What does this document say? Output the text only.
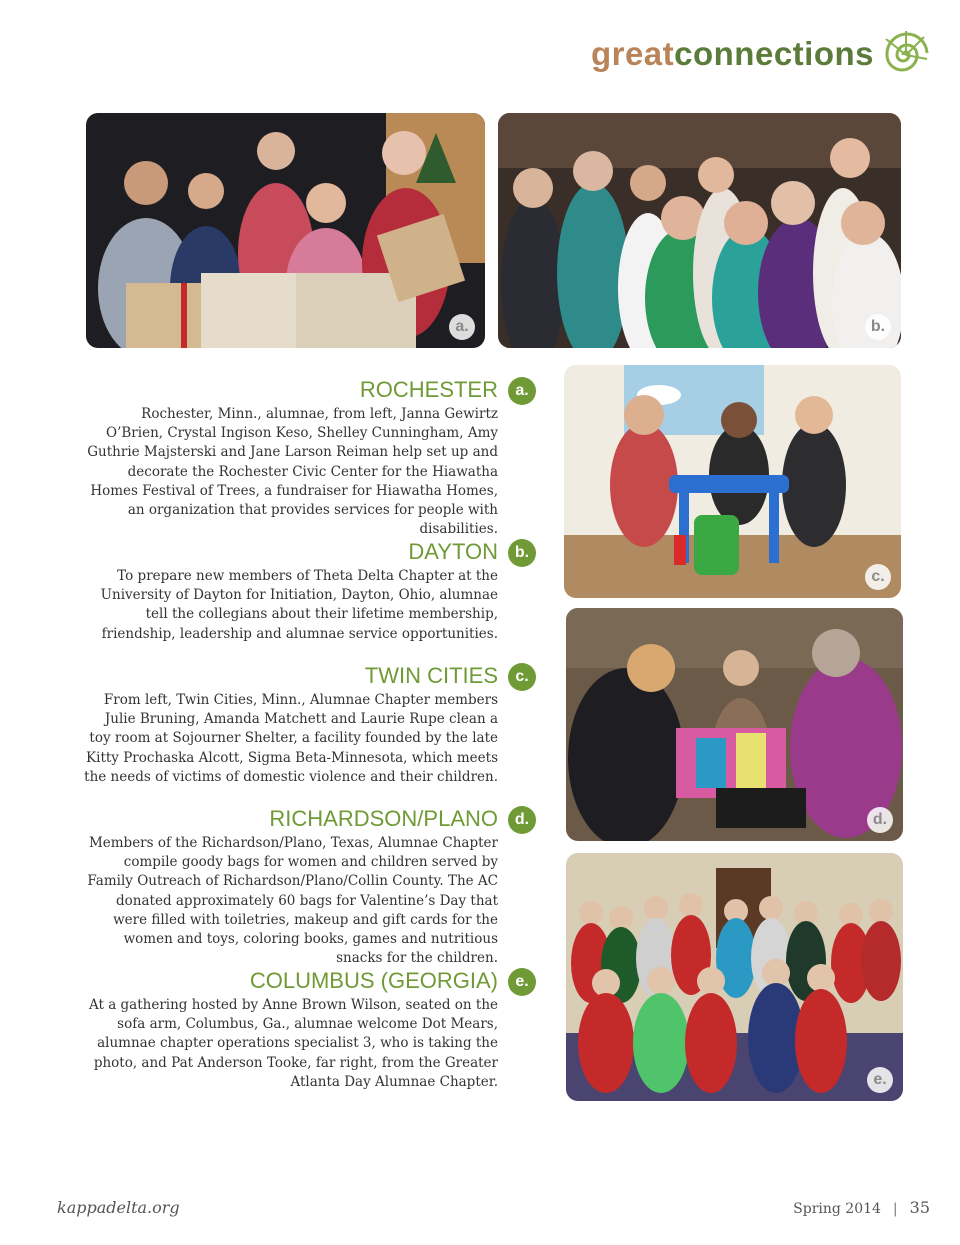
great connections
a.	b.
c.
d.
e.
ROCHESTER
Rochester, Minn., alumnae, from left, Janna Gewirtz O’Brien, Crystal Ingison Keso, Shelley Cunningham, Amy Guthrie Majsterski and Jane Larson Reiman help set up and decorate the Rochester Civic Center for the Hiawatha Homes Festival of Trees, a fundraiser for Hiawatha Homes, an organization that provides services for people with disabilities.
a.
DAYTON
To prepare new members of Theta Delta Chapter at the University of Dayton for Initiation, Dayton, Ohio, alumnae tell the collegians about their lifetime membership, friendship, leadership and alumnae service opportunities.
b.
TWIN CITIES
From left, Twin Cities, Minn., Alumnae Chapter members Julie Bruning, Amanda Matchett and Laurie Rupe clean a toy room at Sojourner Shelter, a facility founded by the late Kitty Prochaska Alcott, Sigma Beta-Minnesota, which meets the needs of victims of domestic violence and their children.
c.
RICHARDSON/PLANO
Members of the Richardson/Plano, Texas, Alumnae Chapter compile goody bags for women and children served by Family Outreach of Richardson/Plano/Collin County. The AC donated approximately 60 bags for Valentine’s Day that were filled with toiletries, makeup and gift cards for the women and toys, coloring books, games and nutritious snacks for the children.
d.
COLUMBUS (GEORGIA)
At a gathering hosted by Anne Brown Wilson, seated on the sofa arm, Columbus, Ga., alumnae welcome Dot Mears, alumnae chapter operations specialist 3, who is taking the photo, and Pat Anderson Tooke, far right, from the Greater Atlanta Day Alumnae Chapter.
e.
kappadelta.org	Spring 2014 | 35
